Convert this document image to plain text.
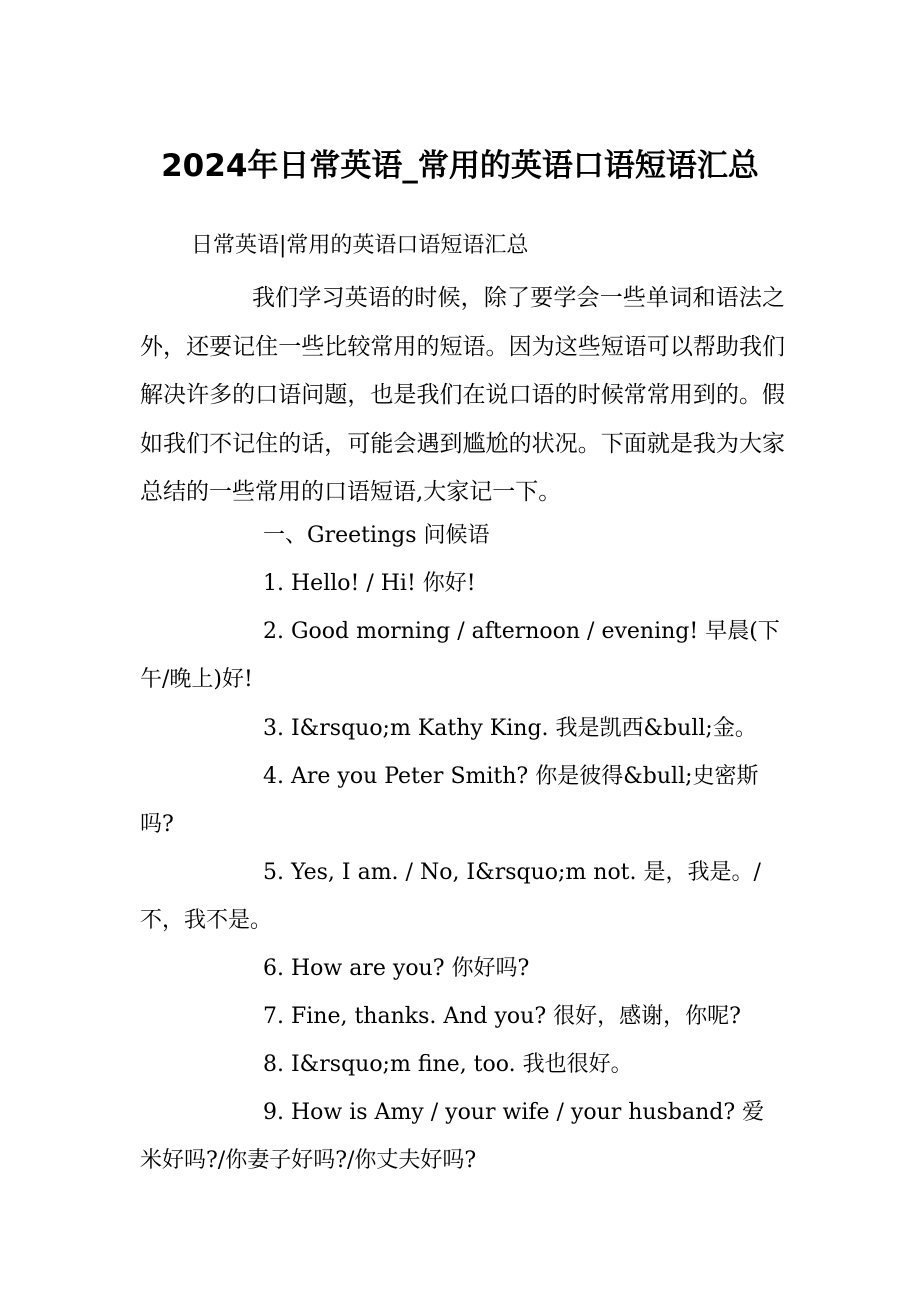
2024年日常英语_常用的英语口语短语汇总
日常英语|常用的英语口语短语汇总
我们学习英语的时候，除了要学会一些单词和语法之外，还要记住一些比较常用的短语。因为这些短语可以帮助我们解决许多的口语问题，也是我们在说口语的时候常常用到的。假如我们不记住的话，可能会遇到尴尬的状况。下面就是我为大家总结的一些常用的口语短语,大家记一下。
一、Greetings 问候语
1. Hello! / Hi! 你好!
2. Good morning / afternoon / evening! 早晨(下午/晚上)好!
3. I&rsquo;m Kathy King. 我是凯西&bull;金。
4. Are you Peter Smith? 你是彼得&bull;史密斯吗?
5. Yes, I am. / No, I&rsquo;m not. 是，我是。/ 不，我不是。
6. How are you? 你好吗?
7. Fine, thanks. And you? 很好，感谢，你呢?
8. I&rsquo;m fine, too. 我也很好。
9. How is Amy / your wife / your husband? 爱米好吗?/你妻子好吗?/你丈夫好吗?
